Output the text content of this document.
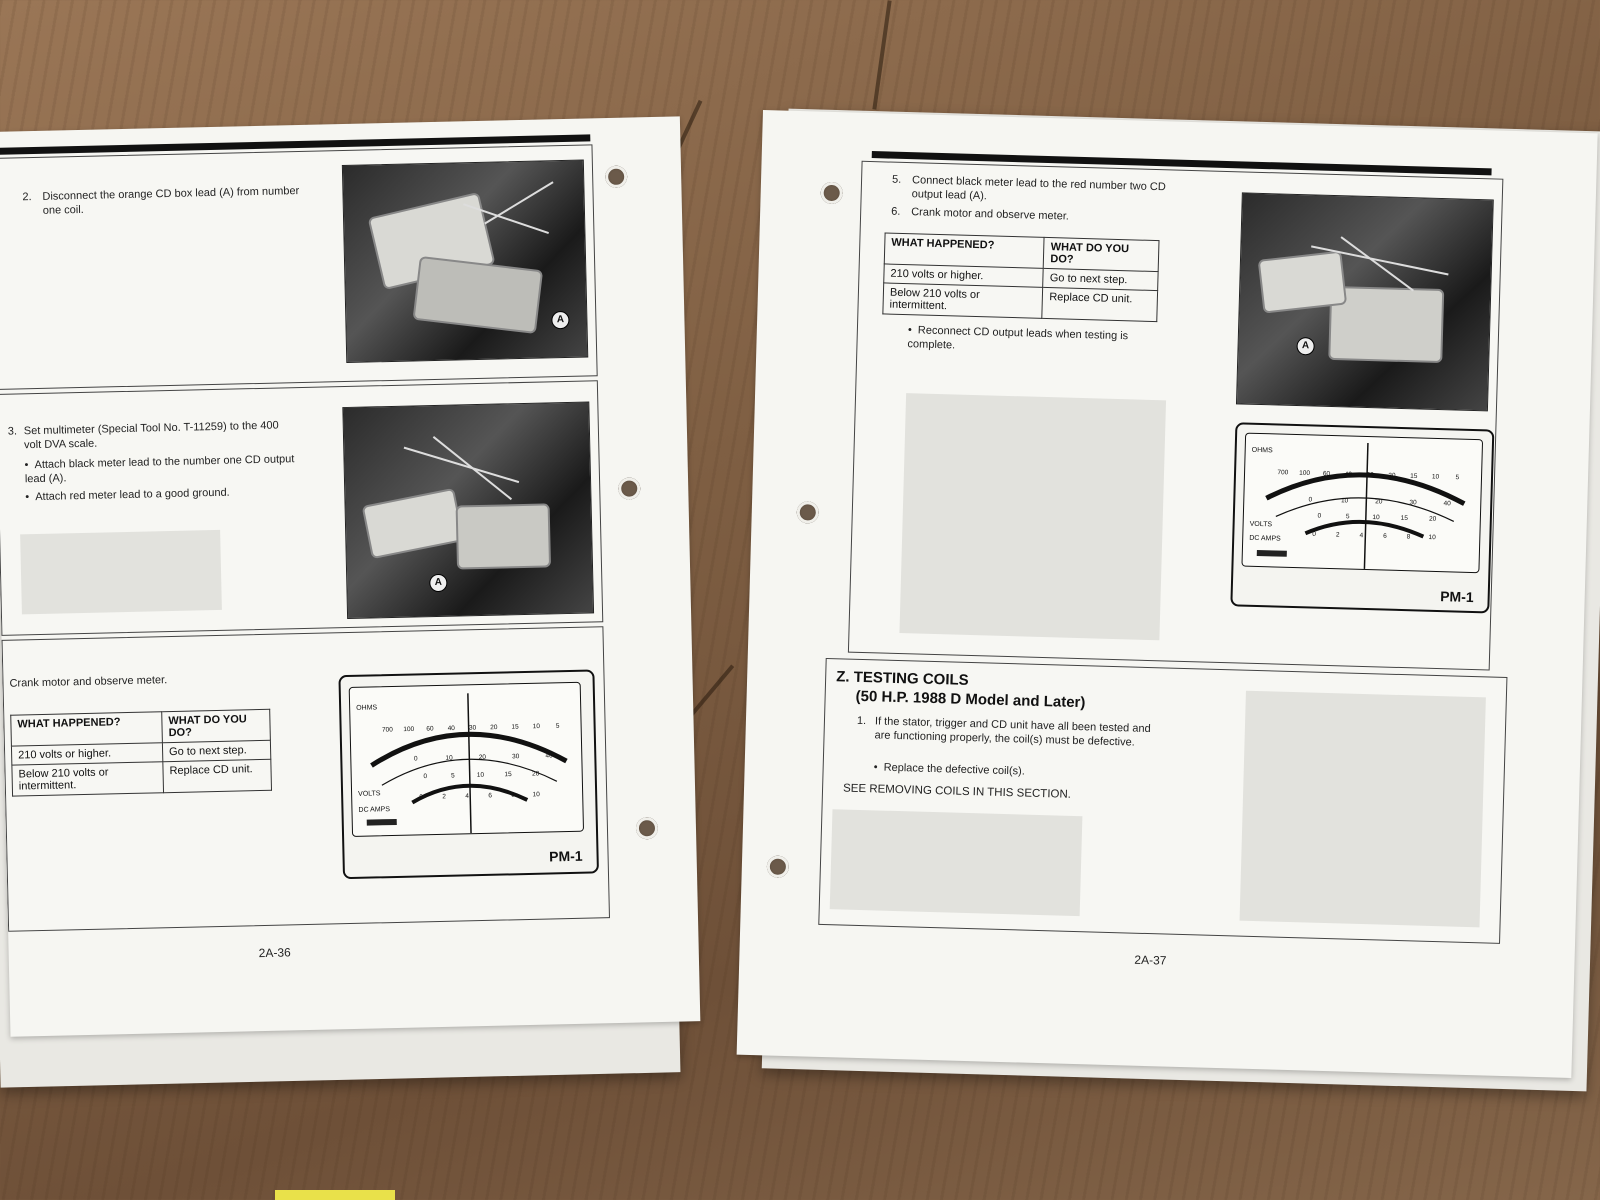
2. Disconnect the orange CD box lead (A) from number one coil.
A
3. Set multimeter (Special Tool No. T-11259) to the 400 volt DVA scale.
•  Attach black meter lead to the number one CD output lead (A).
•  Attach red meter lead to a good ground.
A
Crank motor and observe meter.
WHAT HAPPENED?	WHAT DO YOU DO?
210 volts or higher.	Go to next step.
Below 210 volts or intermittent.	Replace CD unit.
OHMS
VOLTS
DC AMPS
700 100 60 40 30 20 15 10 5
0	10	20	30	40
0	5	10	15	20
0	2	4	6	8	10
PM-1
2A-36
5. Connect black meter lead to the red number two CD output lead (A).
6. Crank motor and observe meter.
WHAT HAPPENED?	WHAT DO YOU DO?
210 volts or higher.	Go to next step.
Below 210 volts or intermittent.	Replace CD unit.
•  Reconnect CD output leads when testing is complete.	A
OHMS
VOLTS
DC AMPS
700 100 60 40 30 20 15 10 5
0	10	20	30	40
0	5	10	15	20
0	2	4	6	8	10
PM-1
Z. TESTING COILS
(50 H.P. 1988 D Model and Later)
1. If the stator, trigger and CD unit have all been tested and are functioning properly, the coil(s) must be defective.
•  Replace the defective coil(s).
SEE REMOVING COILS IN THIS SECTION.
2A-37
